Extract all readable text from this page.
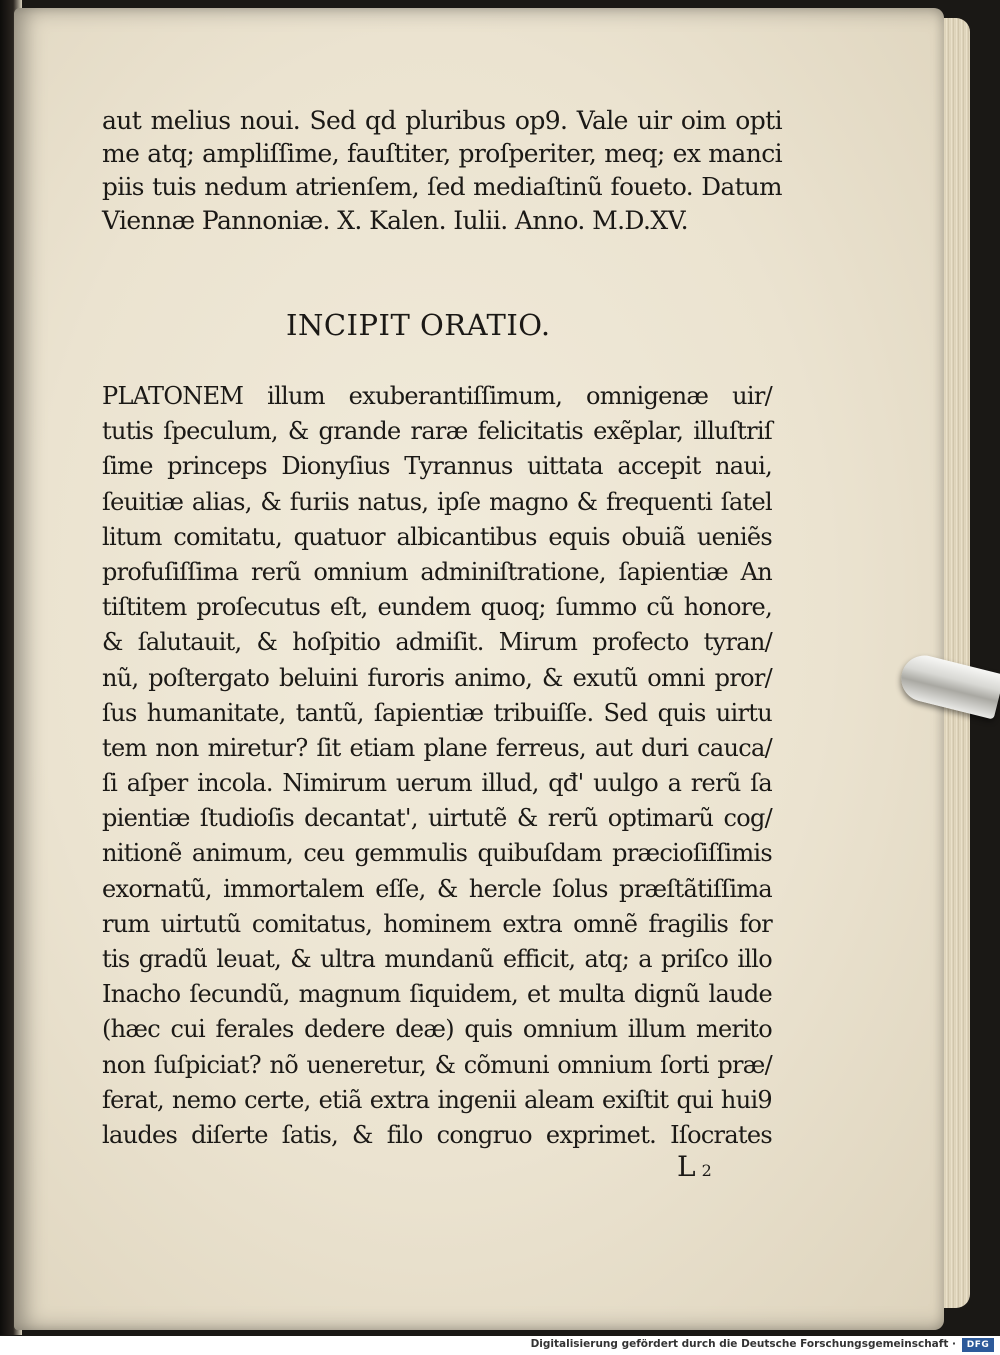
aut melius noui. Sed qd pluribus op9. Vale uir oim opti
me atq; ampliſſime, fauſtiter, proſperiter, meq; ex manci
piis tuis nedum atrienſem, ſed mediaſtinũ foueto. Datum
Viennæ Pannoniæ. X. Kalen. Iulii. Anno. M.D.XV.
INCIPIT ORATIO.
PLATONEM illum exuberantiſſimum, omnigenæ uir/
tutis ſpeculum, & grande raræ felicitatis exẽplar, illuſtriſ
ſime princeps Dionyſius Tyrannus uittata accepit naui,
ſeuitiæ alias, & furiis natus, ipſe magno & frequenti ſatel
litum comitatu, quatuor albicantibus equis obuiã ueniẽs
profuſiſſima rerũ omnium adminiſtratione, ſapientiæ An
tiſtitem proſecutus eſt, eundem quoq; ſummo cũ honore,
& ſalutauit, & hoſpitio admiſit. Mirum profecto tyran/
nũ, poſtergato beluini furoris animo, & exutũ omni pror/
ſus humanitate, tantũ, ſapientiæ tribuiſſe. Sed quis uirtu
tem non miretur? ſit etiam plane ferreus, aut duri cauca/
ſi aſper incola. Nimirum uerum illud, qđ' uulgo a rerũ ſa
pientiæ ſtudioſis decantat', uirtutẽ & rerũ optimarũ cog/
nitionẽ animum, ceu gemmulis quibuſdam præcioſiſſimis
exornatũ, immortalem eſſe, & hercle ſolus præſtãtiſſima
rum uirtutũ comitatus, hominem extra omnẽ fragilis for
tis gradũ leuat, & ultra mundanũ efficit, atq; a priſco illo
Inacho ſecundũ, magnum ſiquidem, et multa dignũ laude
(hæc cui ferales dedere deæ) quis omnium illum merito
non ſuſpiciat? nõ ueneretur, & cõmuni omnium ſorti præ/
ferat, nemo certe, etiã extra ingenii aleam exiſtit qui hui9
laudes diſerte ſatis, & filo congruo exprimet. Iſocrates
L 2
Digitalisierung gefördert durch die Deutsche Forschungsgemeinschaft ·	DFG
